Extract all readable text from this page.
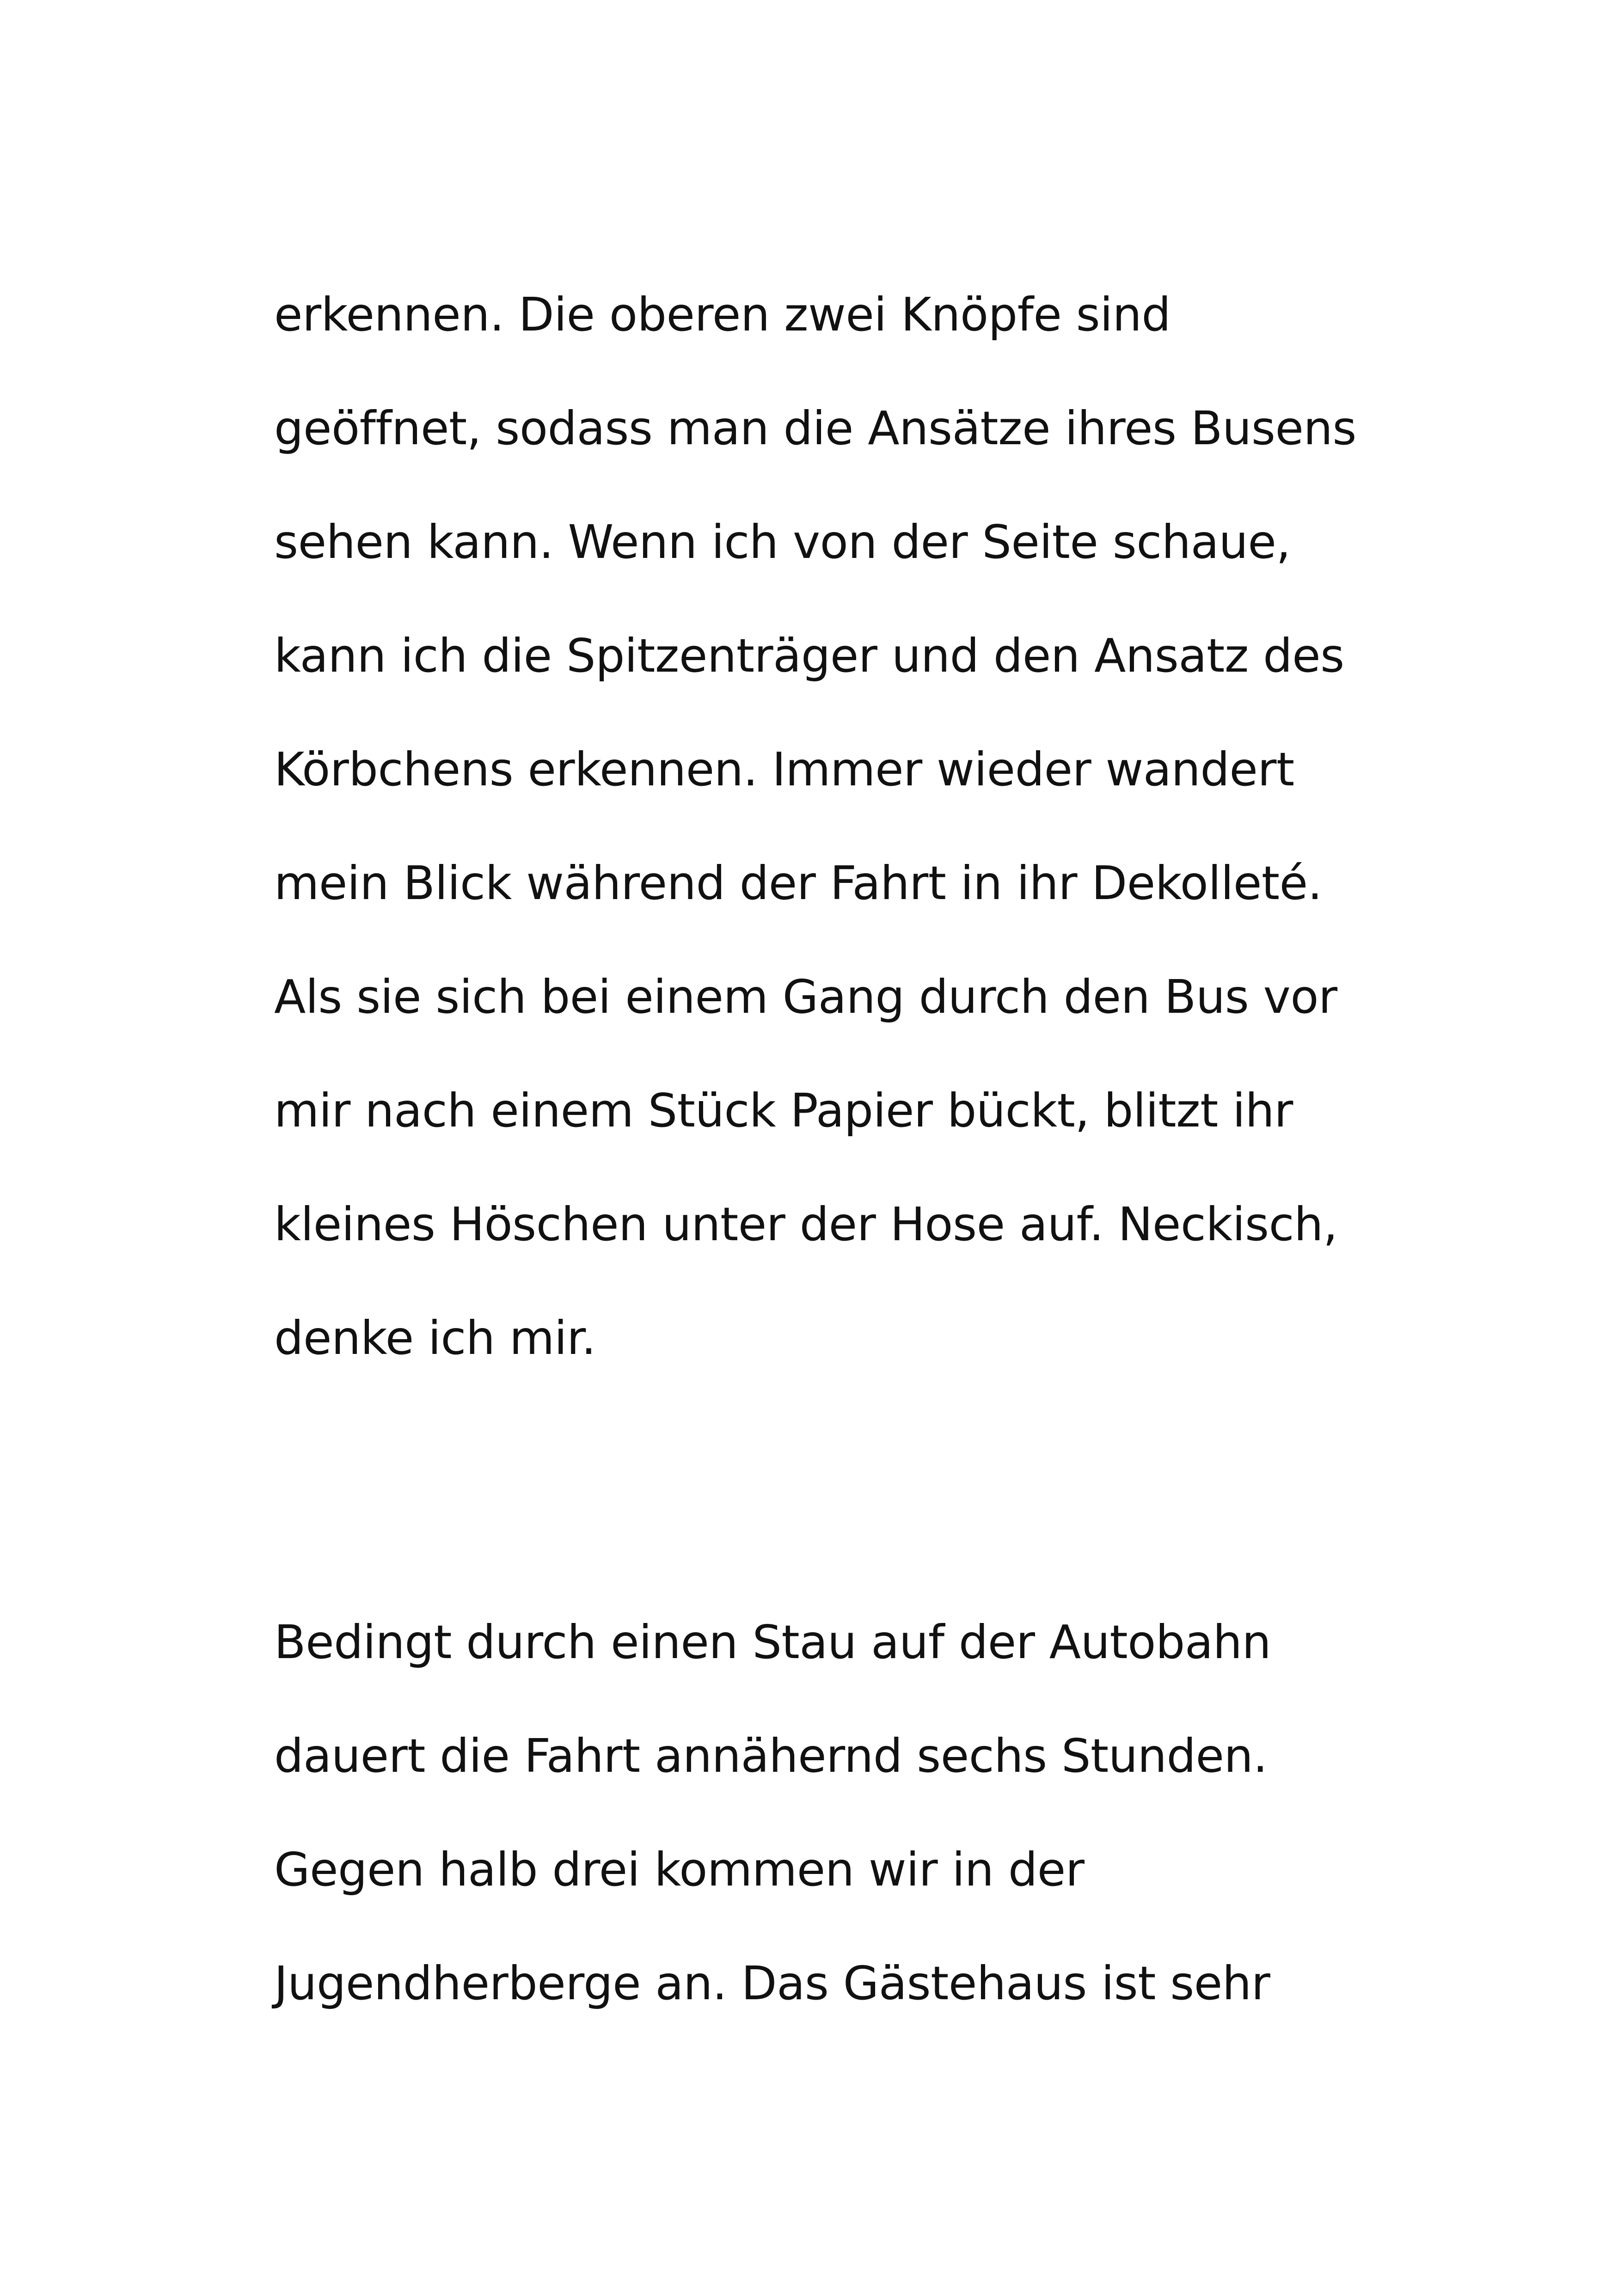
erkennen. Die oberen zwei Knöpfe sind
geöffnet, sodass man die Ansätze ihres Busens
sehen kann. Wenn ich von der Seite schaue,
kann ich die Spitzenträger und den Ansatz des
Körbchens erkennen. Immer wieder wandert
mein Blick während der Fahrt in ihr Dekolleté.
Als sie sich bei einem Gang durch den Bus vor
mir nach einem Stück Papier bückt, blitzt ihr
kleines Höschen unter der Hose auf. Neckisch,
denke ich mir.
Bedingt durch einen Stau auf der Autobahn
dauert die Fahrt annähernd sechs Stunden.
Gegen halb drei kommen wir in der
Jugendherberge an. Das Gästehaus ist sehr
